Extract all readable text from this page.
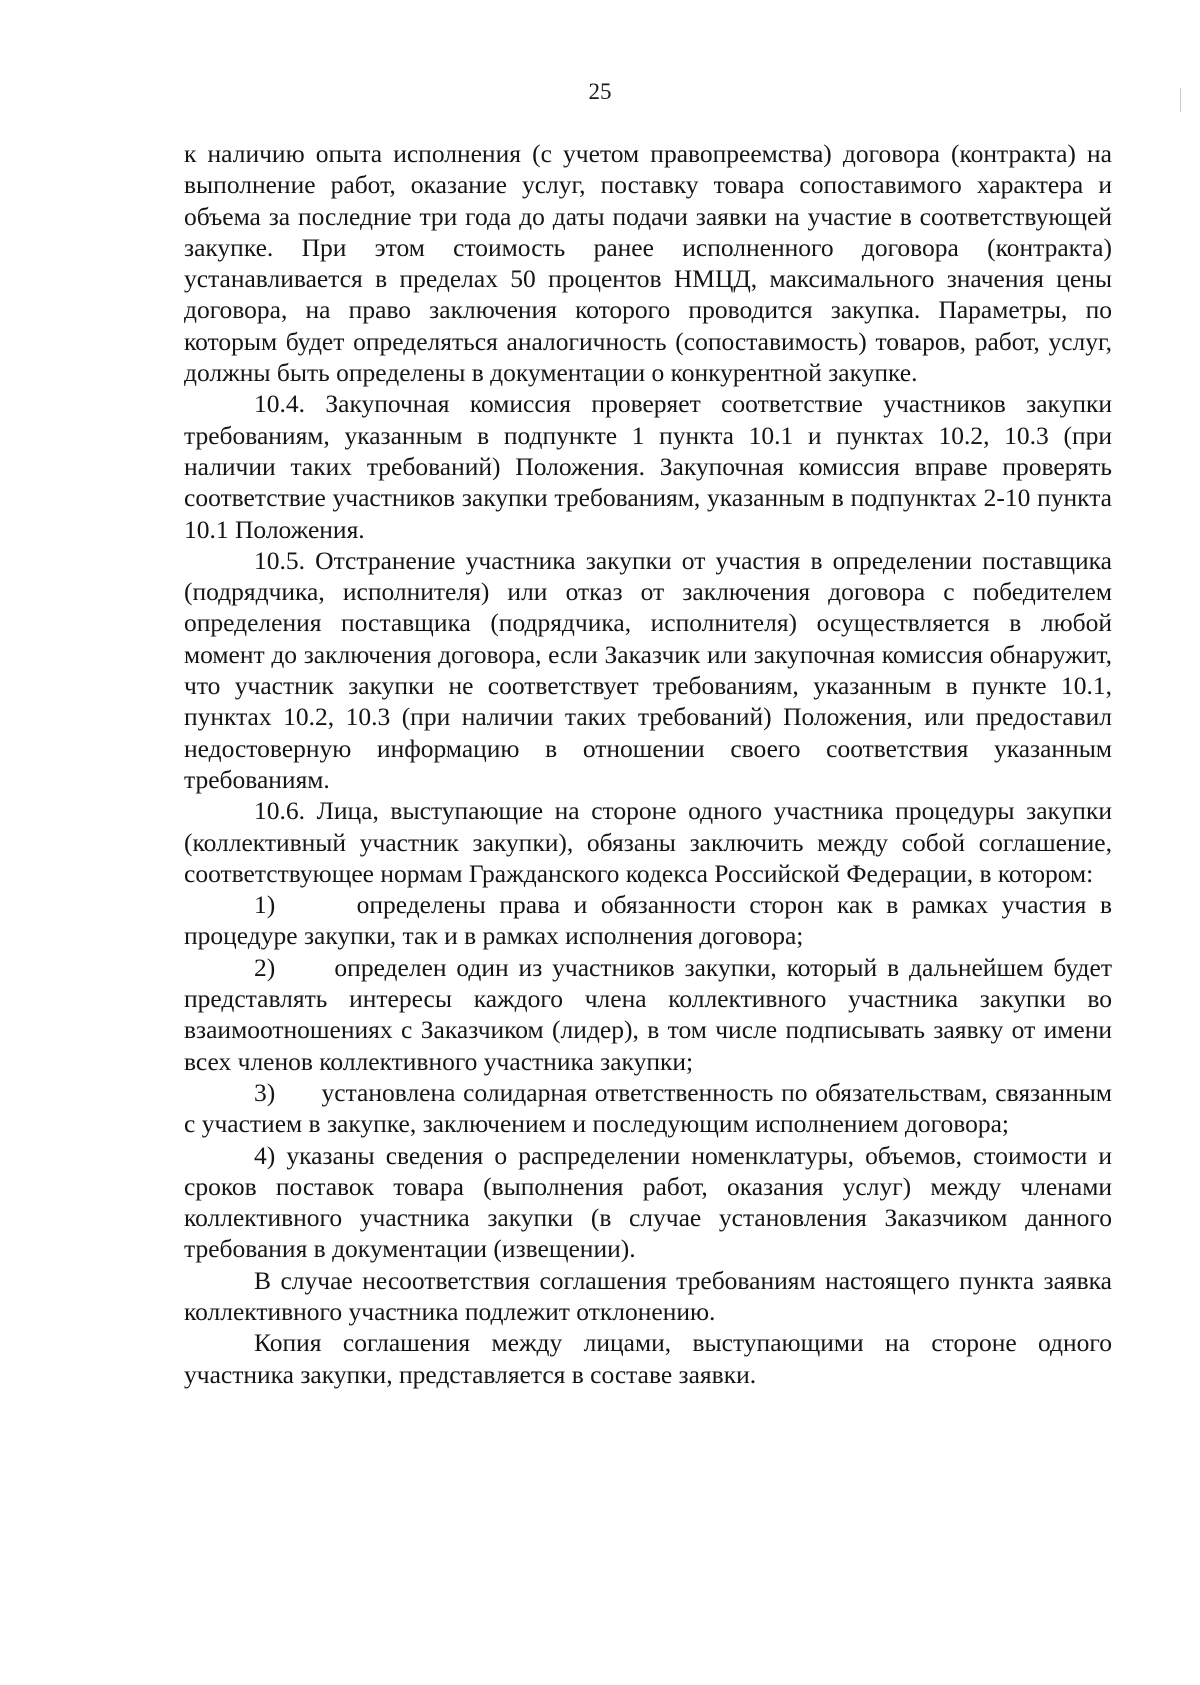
25

к наличию опыта исполнения (с учетом правопреемства) договора (контракта) на выполнение работ, оказание услуг, поставку товара сопоставимого характера и объема за последние три года до даты подачи заявки на участие в соответствующей закупке. При этом стоимость ранее исполненного договора (контракта) устанавливается в пределах 50 процентов НМЦД, максимального значения цены договора, на право заключения которого проводится закупка. Параметры, по которым будет определяться аналогичность (сопоставимость) товаров, работ, услуг, должны быть определены в документации о конкурентной закупке.

10.4. Закупочная комиссия проверяет соответствие участников закупки требованиям, указанным в подпункте 1 пункта 10.1 и пунктах 10.2, 10.3 (при наличии таких требований) Положения. Закупочная комиссия вправе проверять соответствие участников закупки требованиям, указанным в подпунктах 2-10 пункта 10.1 Положения.

10.5. Отстранение участника закупки от участия в определении поставщика (подрядчика, исполнителя) или отказ от заключения договора с победителем определения поставщика (подрядчика, исполнителя) осуществляется в любой момент до заключения договора, если Заказчик или закупочная комиссия обнаружит, что участник закупки не соответствует требованиям, указанным в пункте 10.1, пунктах 10.2, 10.3 (при наличии таких требований) Положения, или предоставил недостоверную информацию в отношении своего соответствия указанным требованиям.

10.6. Лица, выступающие на стороне одного участника процедуры закупки (коллективный участник закупки), обязаны заключить между собой соглашение, соответствующее нормам Гражданского кодекса Российской Федерации, в котором:

1)      определены права и обязанности сторон как в рамках участия в процедуре закупки, так и в рамках исполнения договора;

2)      определен один из участников закупки, который в дальнейшем будет представлять интересы каждого члена коллективного участника закупки во взаимоотношениях с Заказчиком (лидер), в том числе подписывать заявку от имени всех членов коллективного участника закупки;

3)      установлена солидарная ответственность по обязательствам, связанным с участием в закупке, заключением и последующим исполнением договора;

4) указаны сведения о распределении номенклатуры, объемов, стоимости и сроков поставок товара (выполнения работ, оказания услуг) между членами коллективного участника закупки (в случае установления Заказчиком данного требования в документации (извещении).

В случае несоответствия соглашения требованиям настоящего пункта заявка коллективного участника подлежит отклонению.

Копия соглашения между лицами, выступающими на стороне одного участника закупки, представляется в составе заявки.
